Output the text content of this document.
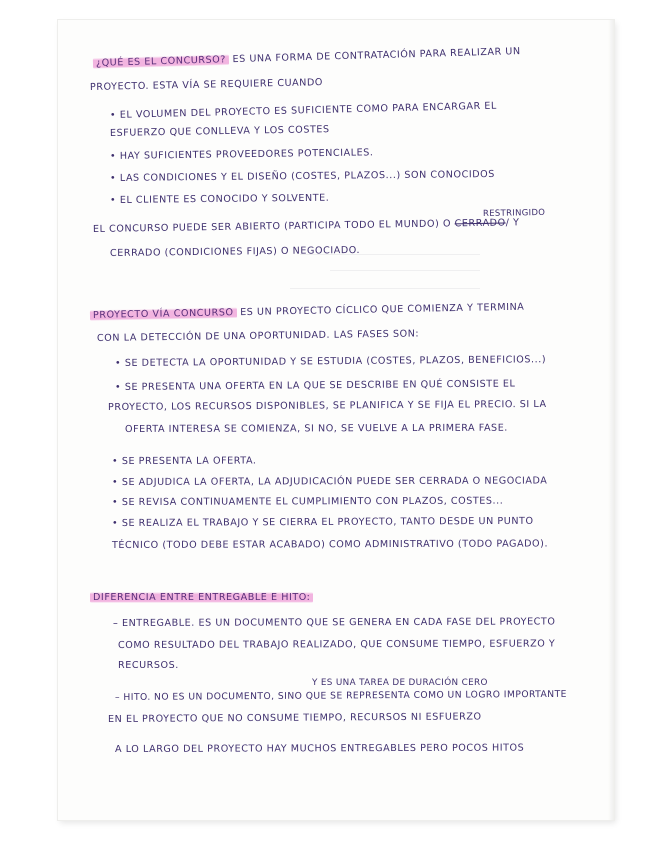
¿QUÉ ES EL CONCURSO? ES UNA FORMA DE CONTRATACIÓN PARA REALIZAR UN
PROYECTO. ESTA VÍA SE REQUIERE CUANDO
• EL VOLUMEN DEL PROYECTO ES SUFICIENTE COMO PARA ENCARGAR EL
ESFUERZO QUE CONLLEVA Y LOS COSTES
• HAY SUFICIENTES PROVEEDORES POTENCIALES.
• LAS CONDICIONES Y EL DISEÑO (COSTES, PLAZOS...) SON CONOCIDOS
• EL CLIENTE ES CONOCIDO Y SOLVENTE.
RESTRINGIDO
EL CONCURSO PUEDE SER ABIERTO (PARTICIPA TODO EL MUNDO) O CERRADO/ Y
CERRADO (CONDICIONES FIJAS) O NEGOCIADO.
PROYECTO VÍA CONCURSO ES UN PROYECTO CÍCLICO QUE COMIENZA Y TERMINA
CON LA DETECCIÓN DE UNA OPORTUNIDAD. LAS FASES SON:
• SE DETECTA LA OPORTUNIDAD Y SE ESTUDIA (COSTES, PLAZOS, BENEFICIOS...)
• SE PRESENTA UNA OFERTA EN LA QUE SE DESCRIBE EN QUÉ CONSISTE EL
PROYECTO, LOS RECURSOS DISPONIBLES, SE PLANIFICA Y SE FIJA EL PRECIO. SI LA
OFERTA INTERESA SE COMIENZA, SI NO, SE VUELVE A LA PRIMERA FASE.
• SE PRESENTA LA OFERTA.
• SE ADJUDICA LA OFERTA, LA ADJUDICACIÓN PUEDE SER CERRADA O NEGOCIADA
• SE REVISA CONTINUAMENTE EL CUMPLIMIENTO CON PLAZOS, COSTES...
• SE REALIZA EL TRABAJO Y SE CIERRA EL PROYECTO, TANTO DESDE UN PUNTO
TÉCNICO (TODO DEBE ESTAR ACABADO) COMO ADMINISTRATIVO (TODO PAGADO).
DIFERENCIA ENTRE ENTREGABLE E HITO:
– ENTREGABLE. ES UN DOCUMENTO QUE SE GENERA EN CADA FASE DEL PROYECTO
COMO RESULTADO DEL TRABAJO REALIZADO, QUE CONSUME TIEMPO, ESFUERZO Y
RECURSOS.
Y ES UNA TAREA DE DURACIÓN CERO
– HITO. NO ES UN DOCUMENTO, SINO QUE SE REPRESENTA COMO UN LOGRO IMPORTANTE
EN EL PROYECTO QUE NO CONSUME TIEMPO, RECURSOS NI ESFUERZO
A LO LARGO DEL PROYECTO HAY MUCHOS ENTREGABLES PERO POCOS HITOS
